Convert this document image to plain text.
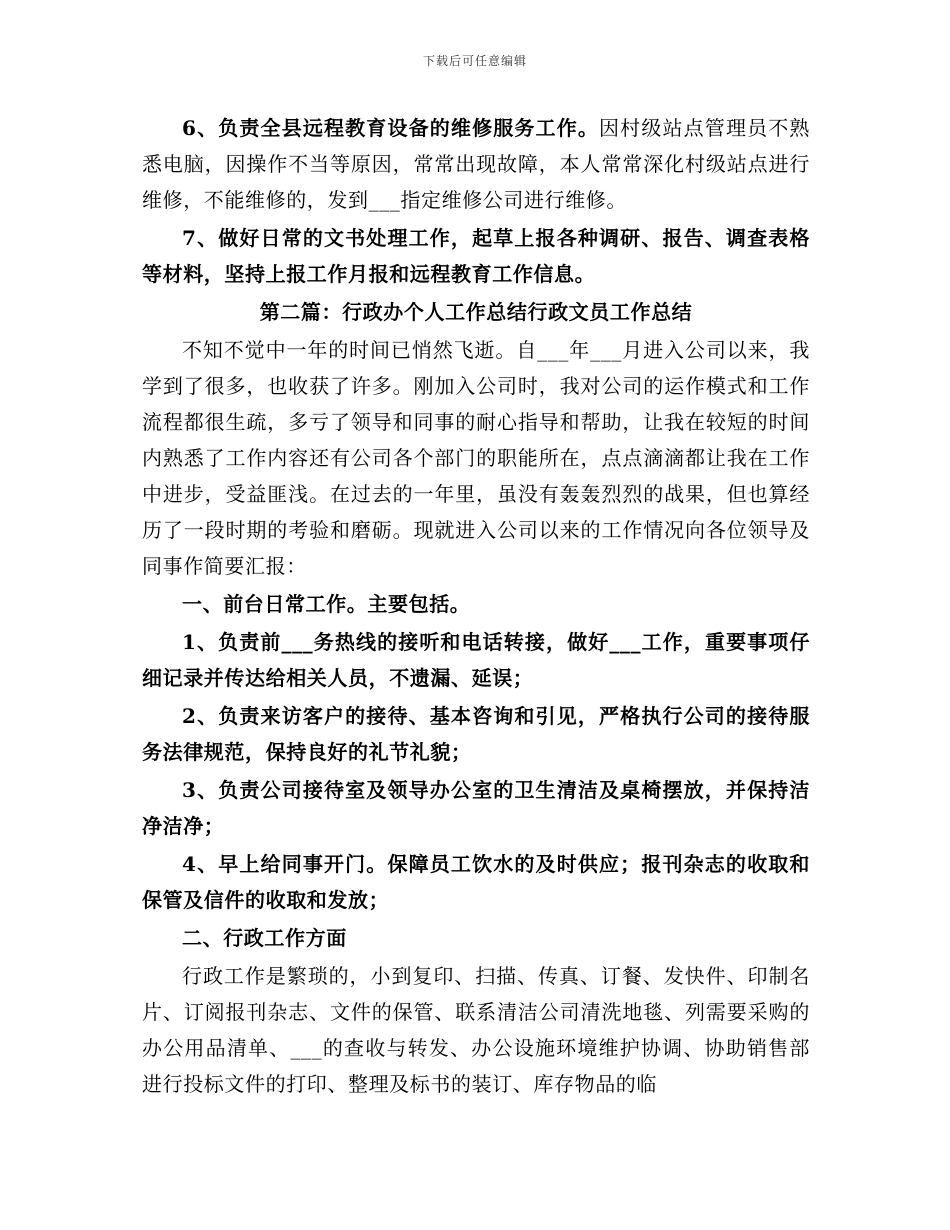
下载后可任意编辑

6、负责全县远程教育设备的维修服务工作。因村级站点管理员不熟悉电脑，因操作不当等原因，常常出现故障，本人常常深化村级站点进行维修，不能维修的，发到___指定维修公司进行维修。

7、做好日常的文书处理工作，起草上报各种调研、报告、调查表格等材料，坚持上报工作月报和远程教育工作信息。

第二篇：行政办个人工作总结行政文员工作总结

不知不觉中一年的时间已悄然飞逝。自___年___月进入公司以来，我学到了很多，也收获了许多。刚加入公司时，我对公司的运作模式和工作流程都很生疏，多亏了领导和同事的耐心指导和帮助，让我在较短的时间内熟悉了工作内容还有公司各个部门的职能所在，点点滴滴都让我在工作中进步，受益匪浅。在过去的一年里，虽没有轰轰烈烈的战果，但也算经历了一段时期的考验和磨砺。现就进入公司以来的工作情况向各位领导及同事作简要汇报：

一、前台日常工作。主要包括。

1、负责前___务热线的接听和电话转接，做好___工作，重要事项仔细记录并传达给相关人员，不遗漏、延误；

2、负责来访客户的接待、基本咨询和引见，严格执行公司的接待服务法律规范，保持良好的礼节礼貌；

3、负责公司接待室及领导办公室的卫生清洁及桌椅摆放，并保持洁净洁净；

4、早上给同事开门。保障员工饮水的及时供应；报刊杂志的收取和保管及信件的收取和发放；

二、行政工作方面

行政工作是繁琐的，小到复印、扫描、传真、订餐、发快件、印制名片、订阅报刊杂志、文件的保管、联系清洁公司清洗地毯、列需要采购的办公用品清单、___的查收与转发、办公设施环境维护协调、协助销售部进行投标文件的打印、整理及标书的装订、库存物品的临
